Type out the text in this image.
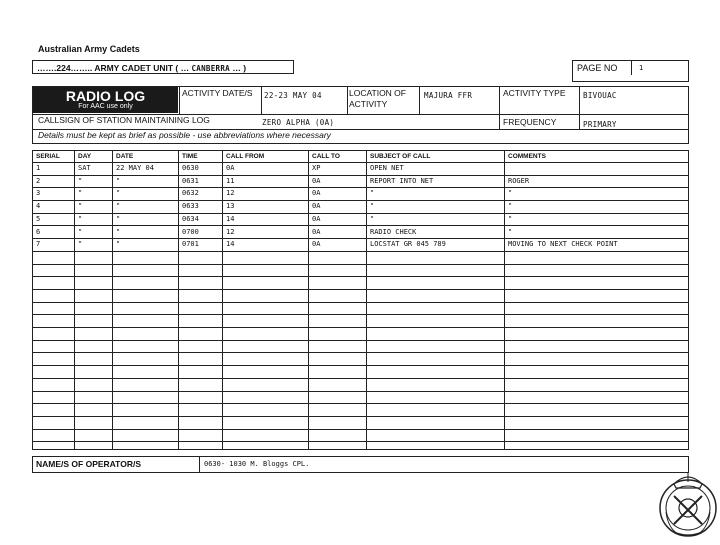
Australian Army Cadets
…….224…….. ARMY CADET UNIT ( … CANBERRA … )	PAGE NO	1
RADIO LOG
For AAC use only
ACTIVITY DATE/S	22-23 MAY 04	LOCATION OF ACTIVITY
MAJURA FFR	ACTIVITY TYPE	BIVOUAC
CALLSIGN OF STATION MAINTAINING LOG	ZERO ALPHA (0A)	FREQUENCY	PRIMARY
Details must be kept as brief as possible - use abbreviations where necessary
SERIAL	DAY	DATE	TIME	CALL FROM	CALL TO	SUBJECT OF CALL	COMMENTS
1	SAT	22 MAY 04	0630	0A	XP	OPEN NET
2	"	"	0631	11	0A	REPORT INTO NET	ROGER
3	"	"	0632	12	0A	"	"
4	"	"	0633	13	0A	"	"
5	"	"	0634	14	0A	"	"
6	"	"	0700	12	0A	RADIO CHECK	"
7	"	"	0701	14	0A	LOCSTAT GR 045 789	MOVING TO NEXT CHECK POINT
NAME/S OF OPERATOR/S	0630- 1030 M. Bloggs CPL.
